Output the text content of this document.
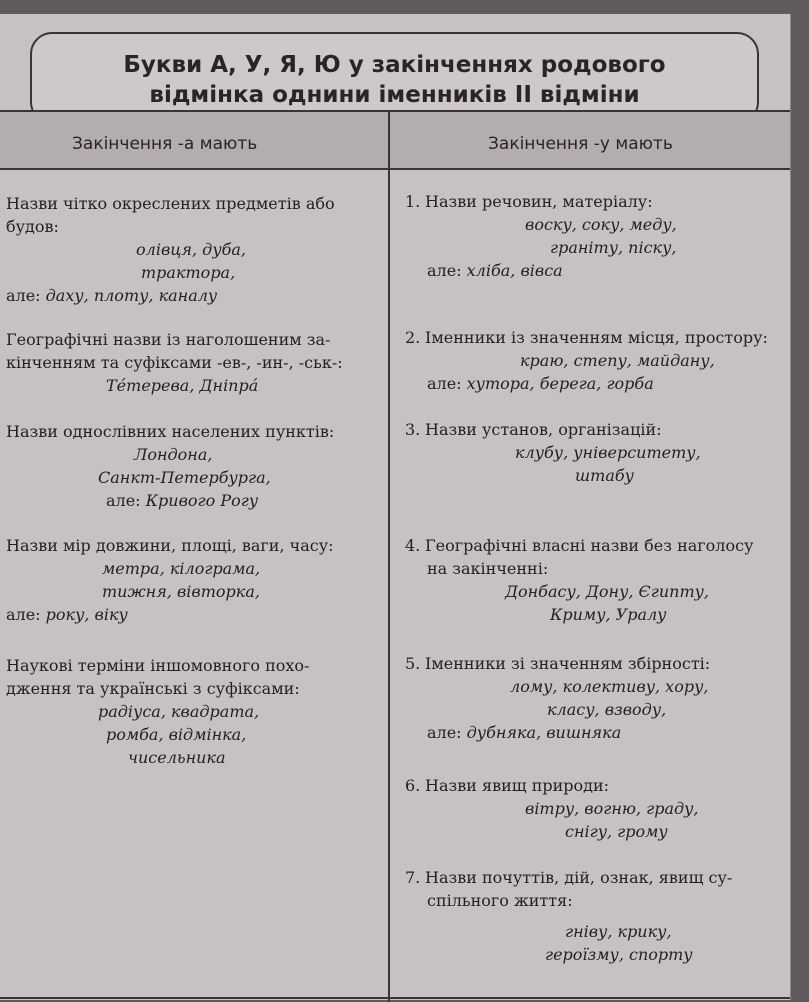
Букви А, У, Я, Ю у закінченнях родового
відмінка однини іменників II відміни
Закінчення -а мають	Закінчення -у мають
Назви чітко окреслених предметів або
будов:
олівця, дуба,
трактора,
але: даху, плоту, каналу
Географічні назви із наголошеним за-
кінченням та суфіксами -ев-, -ин-, -ськ-:
Те́терева, Дніпра́
Назви однослівних населених пунктів:
Лондона,
Санкт-Петербурга,
але: Кривого Рогу
Назви мір довжини, площі, ваги, часу:
метра, кілограма,
тижня, вівторка,
але: року, віку
Наукові терміни іншомовного похо-
дження та українські з суфіксами:
радіуса, квадрата,
ромба, відмінка,
чисельника
1. Назви речовин, матеріалу:
воску, соку, меду,
граніту, піску,
але: хліба, вівса
2. Іменники із значенням місця, простору:
краю, степу, майдану,
але: хутора, берега, горба
3. Назви установ, організацій:
клубу, університету,
штабу
4. Географічні власні назви без наголосу
на закінченні:
Донбасу, Дону, Єгипту,
Криму, Уралу
5. Іменники зі значенням збірності:
лому, колективу, хору,
класу, взводу,
але: дубняка, вишняка
6. Назви явищ природи:
вітру, вогню, граду,
снігу, грому
7. Назви почуттів, дій, ознак, явищ су-
спільного життя:
гніву, крику,
героїзму, спорту
